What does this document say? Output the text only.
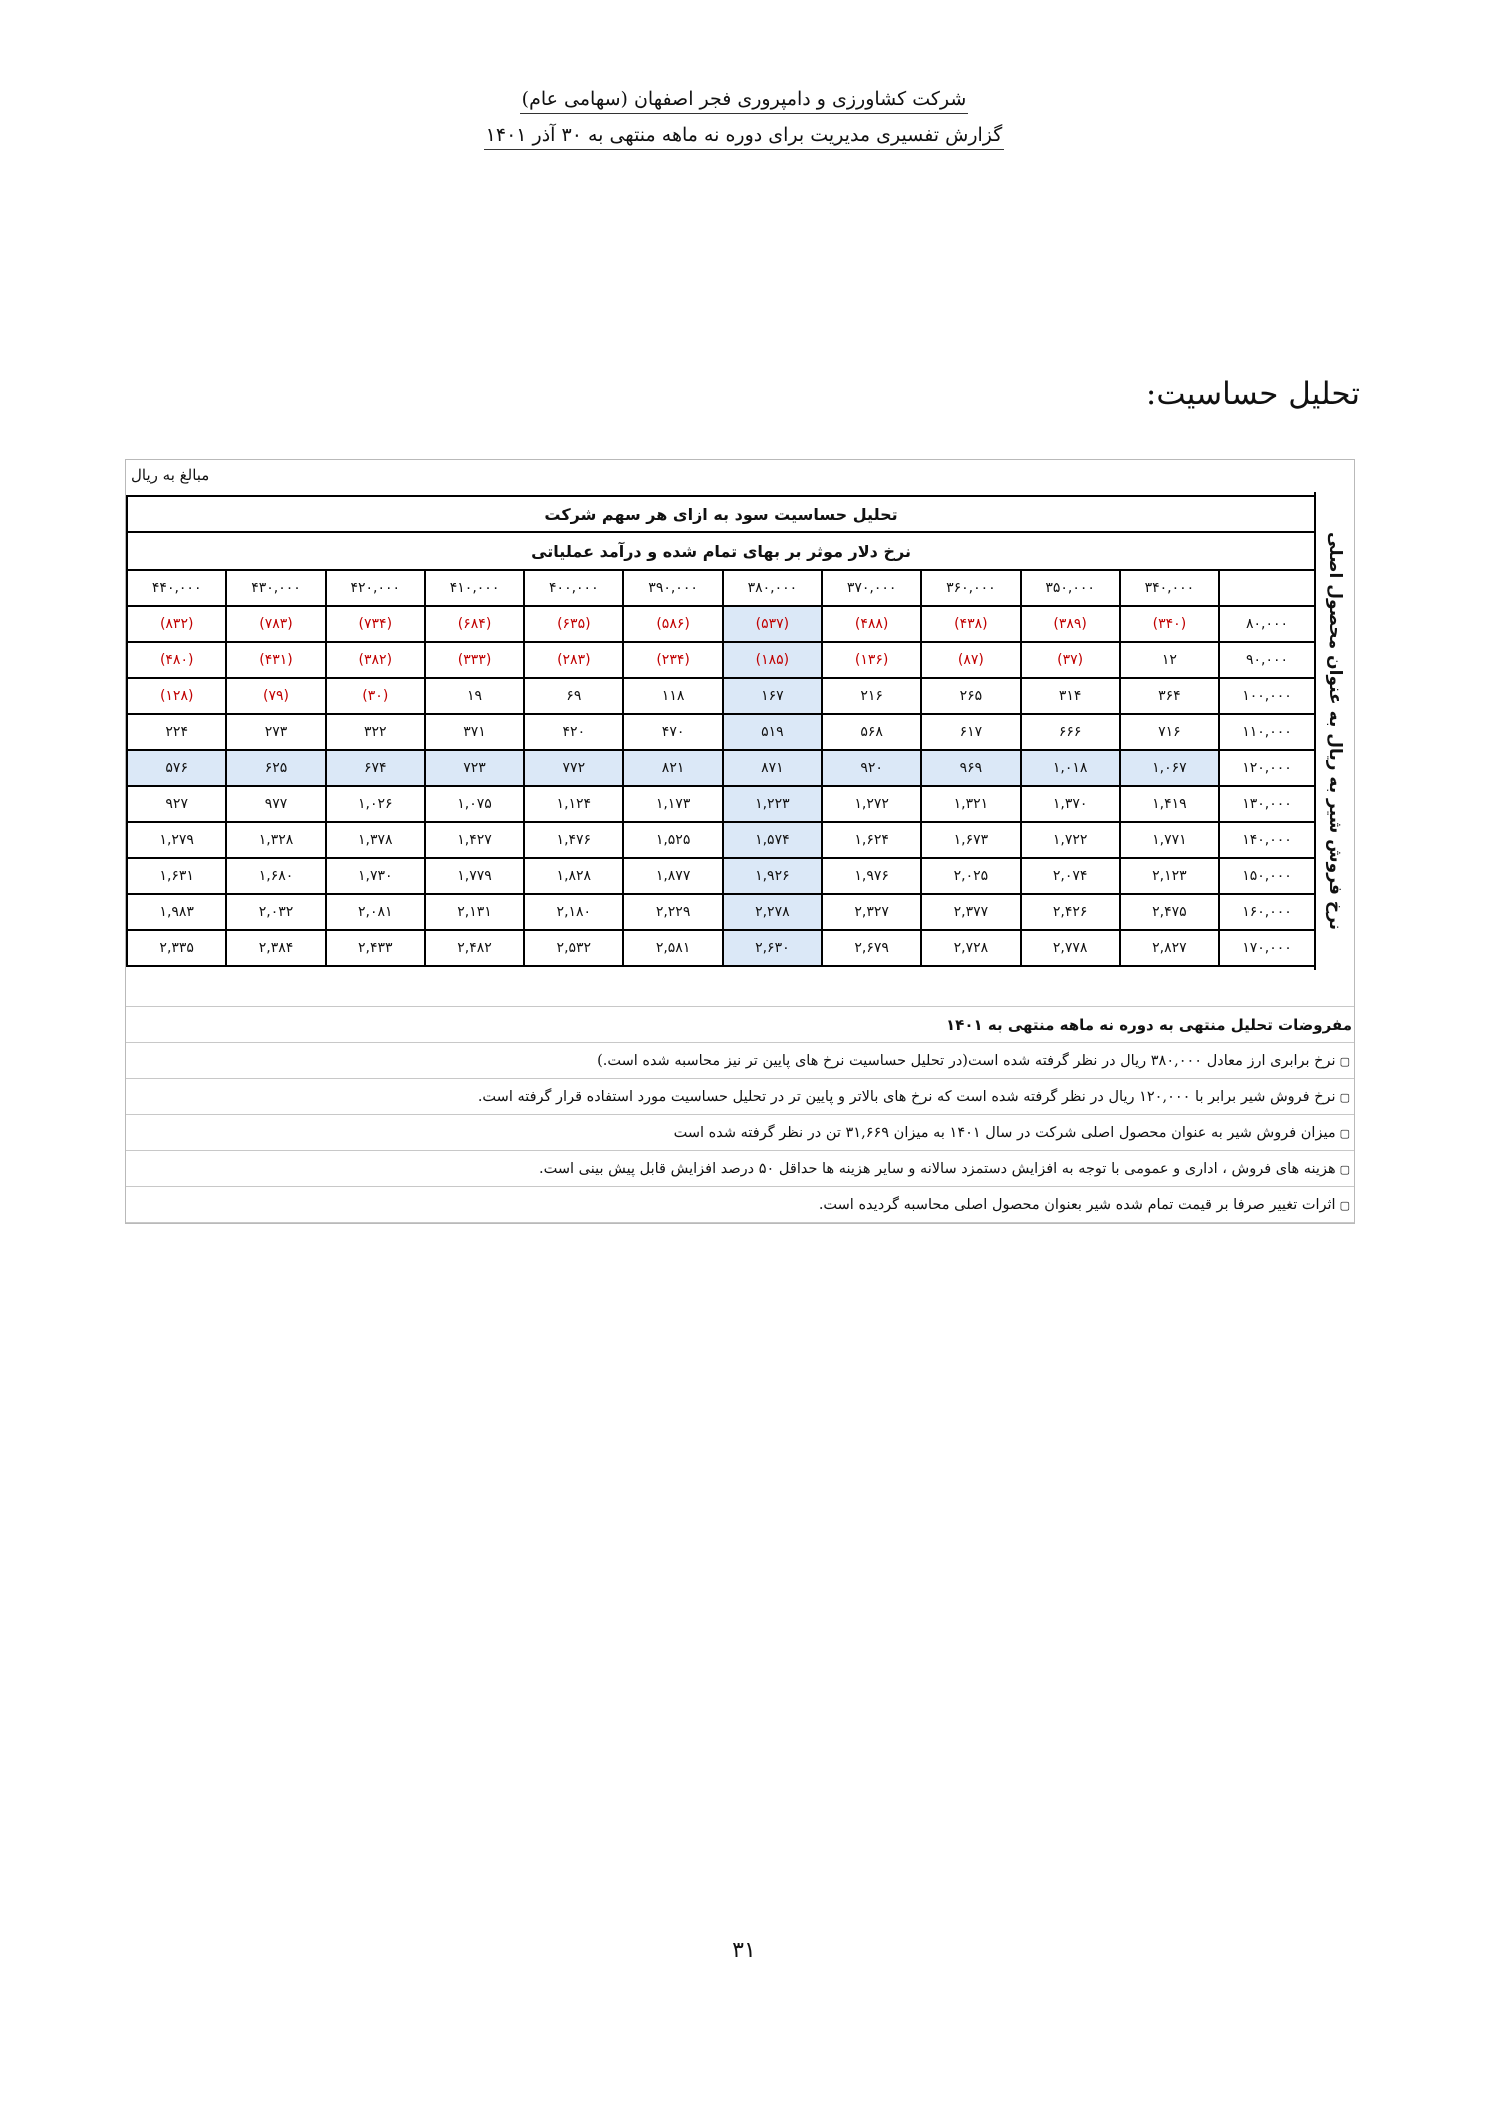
شرکت کشاورزی و دامپروری فجر اصفهان (سهامی عام)
گزارش تفسیری مدیریت برای دوره نه ماهه منتهی به ۳۰ آذر ۱۴۰۱
تحلیل حساسیت:
مبالغ به ریال
نرخ فروش شیر به ریال به عنوان محصول اصلی
تحلیل حساسیت سود به ازای هر سهم شرکت											
نرخ دلار موثر بر بهای تمام شده و درآمد عملیاتی											
	۳۴۰,۰۰۰	۳۵۰,۰۰۰	۳۶۰,۰۰۰	۳۷۰,۰۰۰	۳۸۰,۰۰۰	۳۹۰,۰۰۰	۴۰۰,۰۰۰	۴۱۰,۰۰۰	۴۲۰,۰۰۰	۴۳۰,۰۰۰	۴۴۰,۰۰۰
۸۰,۰۰۰	(۳۴۰)	(۳۸۹)	(۴۳۸)	(۴۸۸)	(۵۳۷)	(۵۸۶)	(۶۳۵)	(۶۸۴)	(۷۳۴)	(۷۸۳)	(۸۳۲)
۹۰,۰۰۰	۱۲	(۳۷)	(۸۷)	(۱۳۶)	(۱۸۵)	(۲۳۴)	(۲۸۳)	(۳۳۳)	(۳۸۲)	(۴۳۱)	(۴۸۰)
۱۰۰,۰۰۰	۳۶۴	۳۱۴	۲۶۵	۲۱۶	۱۶۷	۱۱۸	۶۹	۱۹	(۳۰)	(۷۹)	(۱۲۸)
۱۱۰,۰۰۰	۷۱۶	۶۶۶	۶۱۷	۵۶۸	۵۱۹	۴۷۰	۴۲۰	۳۷۱	۳۲۲	۲۷۳	۲۲۴
۱۲۰,۰۰۰	۱,۰۶۷	۱,۰۱۸	۹۶۹	۹۲۰	۸۷۱	۸۲۱	۷۷۲	۷۲۳	۶۷۴	۶۲۵	۵۷۶
۱۳۰,۰۰۰	۱,۴۱۹	۱,۳۷۰	۱,۳۲۱	۱,۲۷۲	۱,۲۲۳	۱,۱۷۳	۱,۱۲۴	۱,۰۷۵	۱,۰۲۶	۹۷۷	۹۲۷
۱۴۰,۰۰۰	۱,۷۷۱	۱,۷۲۲	۱,۶۷۳	۱,۶۲۴	۱,۵۷۴	۱,۵۲۵	۱,۴۷۶	۱,۴۲۷	۱,۳۷۸	۱,۳۲۸	۱,۲۷۹
۱۵۰,۰۰۰	۲,۱۲۳	۲,۰۷۴	۲,۰۲۵	۱,۹۷۶	۱,۹۲۶	۱,۸۷۷	۱,۸۲۸	۱,۷۷۹	۱,۷۳۰	۱,۶۸۰	۱,۶۳۱
۱۶۰,۰۰۰	۲,۴۷۵	۲,۴۲۶	۲,۳۷۷	۲,۳۲۷	۲,۲۷۸	۲,۲۲۹	۲,۱۸۰	۲,۱۳۱	۲,۰۸۱	۲,۰۳۲	۱,۹۸۳
۱۷۰,۰۰۰	۲,۸۲۷	۲,۷۷۸	۲,۷۲۸	۲,۶۷۹	۲,۶۳۰	۲,۵۸۱	۲,۵۳۲	۲,۴۸۲	۲,۴۳۳	۲,۳۸۴	۲,۳۳۵
مفروضات تحلیل منتهی به دوره نه ماهه منتهی به ۱۴۰۱
▢نرخ برابری ارز معادل ۳۸۰,۰۰۰ ریال در نظر گرفته شده است(در تحلیل حساسیت نرخ های پایین تر نیز محاسبه شده است.)
▢نرخ فروش شیر برابر با ۱۲۰,۰۰۰ ریال در نظر گرفته شده است که نرخ های بالاتر و پایین تر در تحلیل حساسیت مورد استفاده قرار گرفته است.
▢میزان فروش شیر به عنوان محصول اصلی شرکت در سال ۱۴۰۱ به میزان ۳۱,۶۶۹ تن در نظر گرفته شده است
▢هزینه های فروش ، اداری و عمومی با توجه به افزایش دستمزد سالانه و سایر هزینه ها حداقل ۵۰ درصد افزایش قابل پیش بینی است.
▢اثرات تغییر صرفا بر قیمت تمام شده شیر بعنوان محصول اصلی محاسبه گردیده است.
۳۱
